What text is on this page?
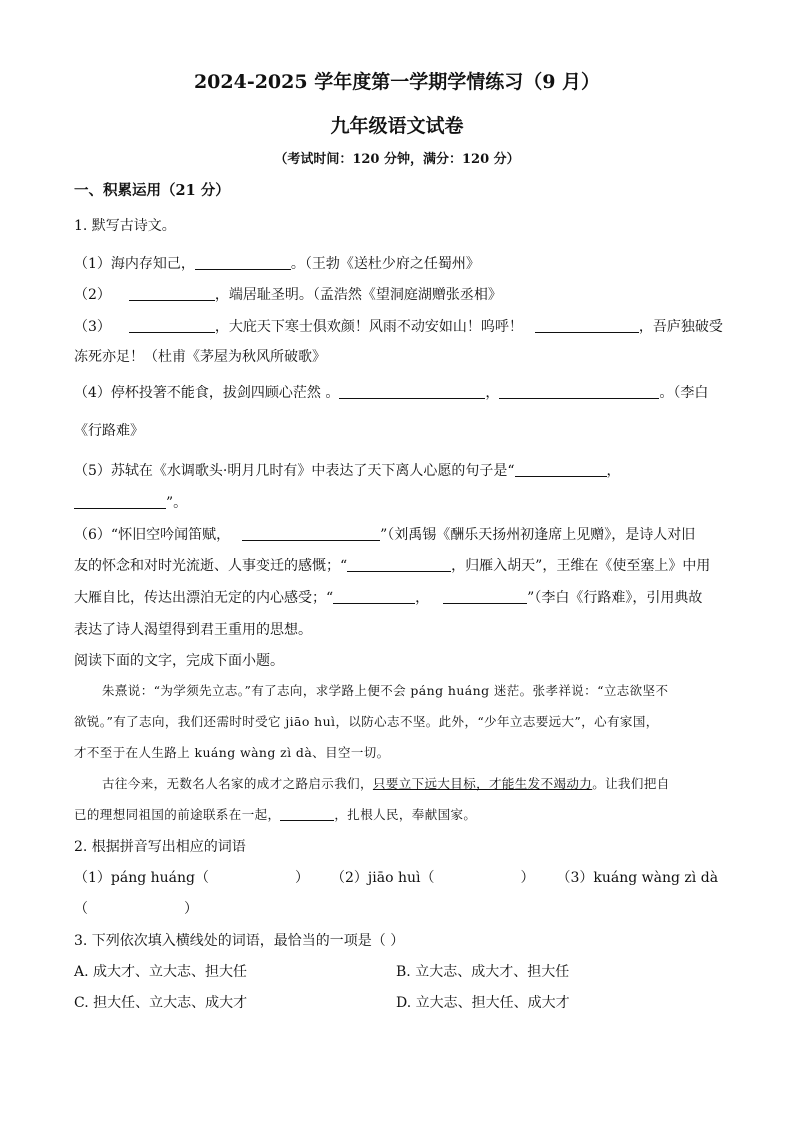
2024-2025 学年度第一学期学情练习（9 月）
九年级语文试卷
（考试时间：120 分钟，满分：120 分）
一、积累运用（21 分）
1. 默写古诗文。
（1）海内存知己，	。（王勃《送杜少府之任蜀州》
（2）	，端居耻圣明。（孟浩然《望洞庭湖赠张丞相》
（3）	，大庇天下寒士俱欢颜！风雨不动安如山！呜呼！	，吾庐独破受
冻死亦足！（杜甫《茅屋为秋风所破歌》
（4）停杯投箸不能食，拔剑四顾心茫然 。	，	。（李白
《行路难》
（5）苏轼在《水调歌头·明月几时有》中表达了天下离人心愿的句子是“	，
”。
（6）“怀旧空吟闻笛赋，	”（刘禹锡《酬乐天扬州初逢席上见赠》，是诗人对旧
友的怀念和对时光流逝、人事变迁的感慨；“	，归雁入胡天”，王维在《使至塞上》中用
大雁自比，传达出漂泊无定的内心感受；“	，	”（李白《行路难》，引用典故
表达了诗人渴望得到君王重用的思想。
阅读下面的文字，完成下面小题。

朱熹说：“为学须先立志。”有了志向，求学路上便不会 páng huáng 迷茫。张孝祥说：“立志欲坚不

欲锐。”有了志向，我们还需时时受它 jiāo huì，以防心志不坚。此外，“少年立志要远大”，心有家国，

才不至于在人生路上 kuáng wàng zì dà、目空一切。

古往今来，无数名人名家的成才之路启示我们，只要立下远大目标，才能生发不竭动力。让我们把自

已的理想同祖国的前途联系在一起，	，扎根人民，奉献国家。

2. 根据拼音写出相应的词语
（1）páng huáng（	） （2）jiāo huì（	） （3）kuáng wàng zì dà
（	）
3. 下列依次填入横线处的词语，最恰当的一项是（ ）
A. 成大才、立大志、担大任	B. 立大志、成大才、担大任
C. 担大任、立大志、成大才	D. 立大志、担大任、成大才
